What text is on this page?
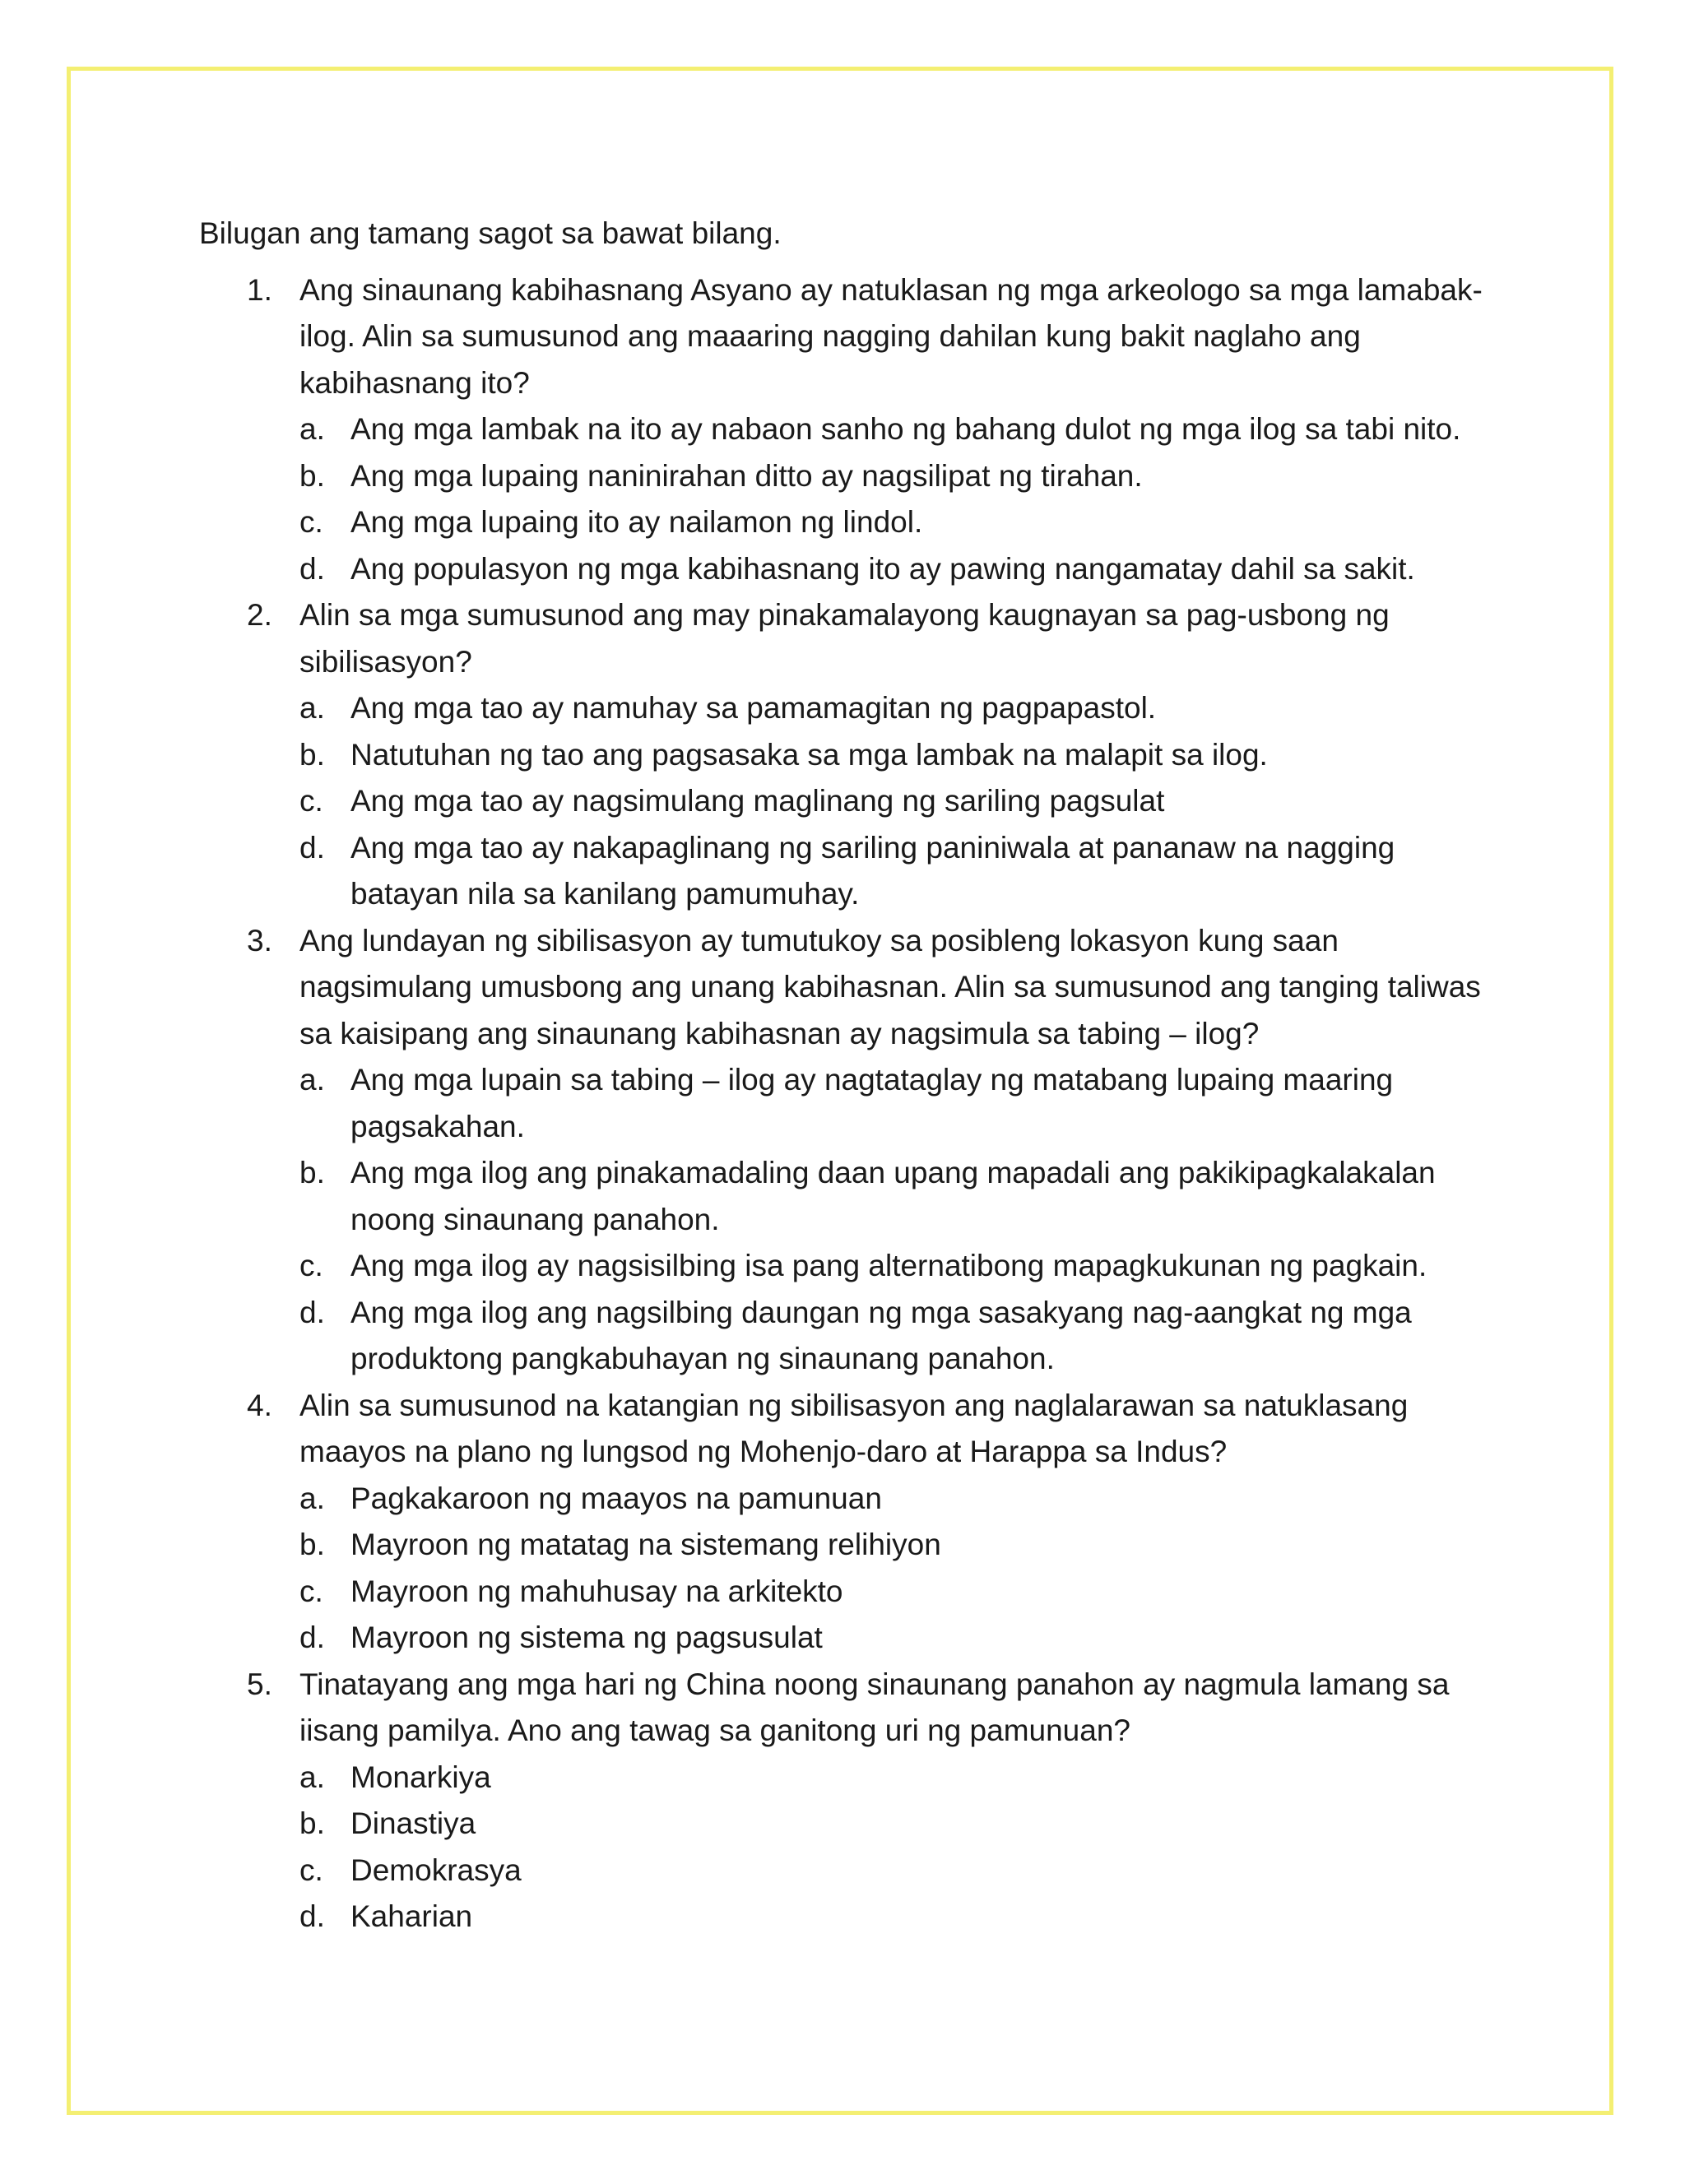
Bilugan ang tamang sagot sa bawat bilang.

1. Ang sinaunang kabihasnang Asyano ay natuklasan ng mga arkeologo sa mga lamabak-ilog. Alin sa sumusunod ang maaaring nagging dahilan kung bakit naglaho ang kabihasnang ito?
a. Ang mga lambak na ito ay nabaon sanho ng bahang dulot ng mga ilog sa tabi nito.
b. Ang mga lupaing naninirahan ditto ay nagsilipat ng tirahan.
c. Ang mga lupaing ito ay nailamon ng lindol.
d. Ang populasyon ng mga kabihasnang ito ay pawing nangamatay dahil sa sakit.
2. Alin sa mga sumusunod ang may pinakamalayong kaugnayan sa pag-usbong ng sibilisasyon?
a. Ang mga tao ay namuhay sa pamamagitan ng pagpapastol.
b. Natutuhan ng tao ang pagsasaka sa mga lambak na malapit sa ilog.
c. Ang mga tao ay nagsimulang maglinang ng sariling pagsulat
d. Ang mga tao ay nakapaglinang ng sariling paniniwala at pananaw na nagging batayan nila sa kanilang pamumuhay.
3. Ang lundayan ng sibilisasyon ay tumutukoy sa posibleng lokasyon kung saan nagsimulang umusbong ang unang kabihasnan. Alin sa sumusunod ang tanging taliwas sa kaisipang ang sinaunang kabihasnan ay nagsimula sa tabing – ilog?
a. Ang mga lupain sa tabing – ilog ay nagtataglay ng matabang lupaing maaring pagsakahan.
b. Ang mga ilog ang pinakamadaling daan upang mapadali ang pakikipagkalakalan noong sinaunang panahon.
c. Ang mga ilog ay nagsisilbing isa pang alternatibong mapagkukunan ng pagkain.
d. Ang mga ilog ang nagsilbing daungan ng mga sasakyang nag-aangkat ng mga produktong pangkabuhayan ng sinaunang panahon.
4. Alin sa sumusunod na katangian ng sibilisasyon ang naglalarawan sa natuklasang maayos na plano ng lungsod ng Mohenjo-daro at Harappa sa Indus?
a. Pagkakaroon ng maayos na pamunuan
b. Mayroon ng matatag na sistemang relihiyon
c. Mayroon ng mahuhusay na arkitekto
d. Mayroon ng sistema ng pagsusulat
5. Tinatayang ang mga hari ng China noong sinaunang panahon ay nagmula lamang sa iisang pamilya. Ano ang tawag sa ganitong uri ng pamunuan?
a. Monarkiya
b. Dinastiya
c. Demokrasya
d. Kaharian
